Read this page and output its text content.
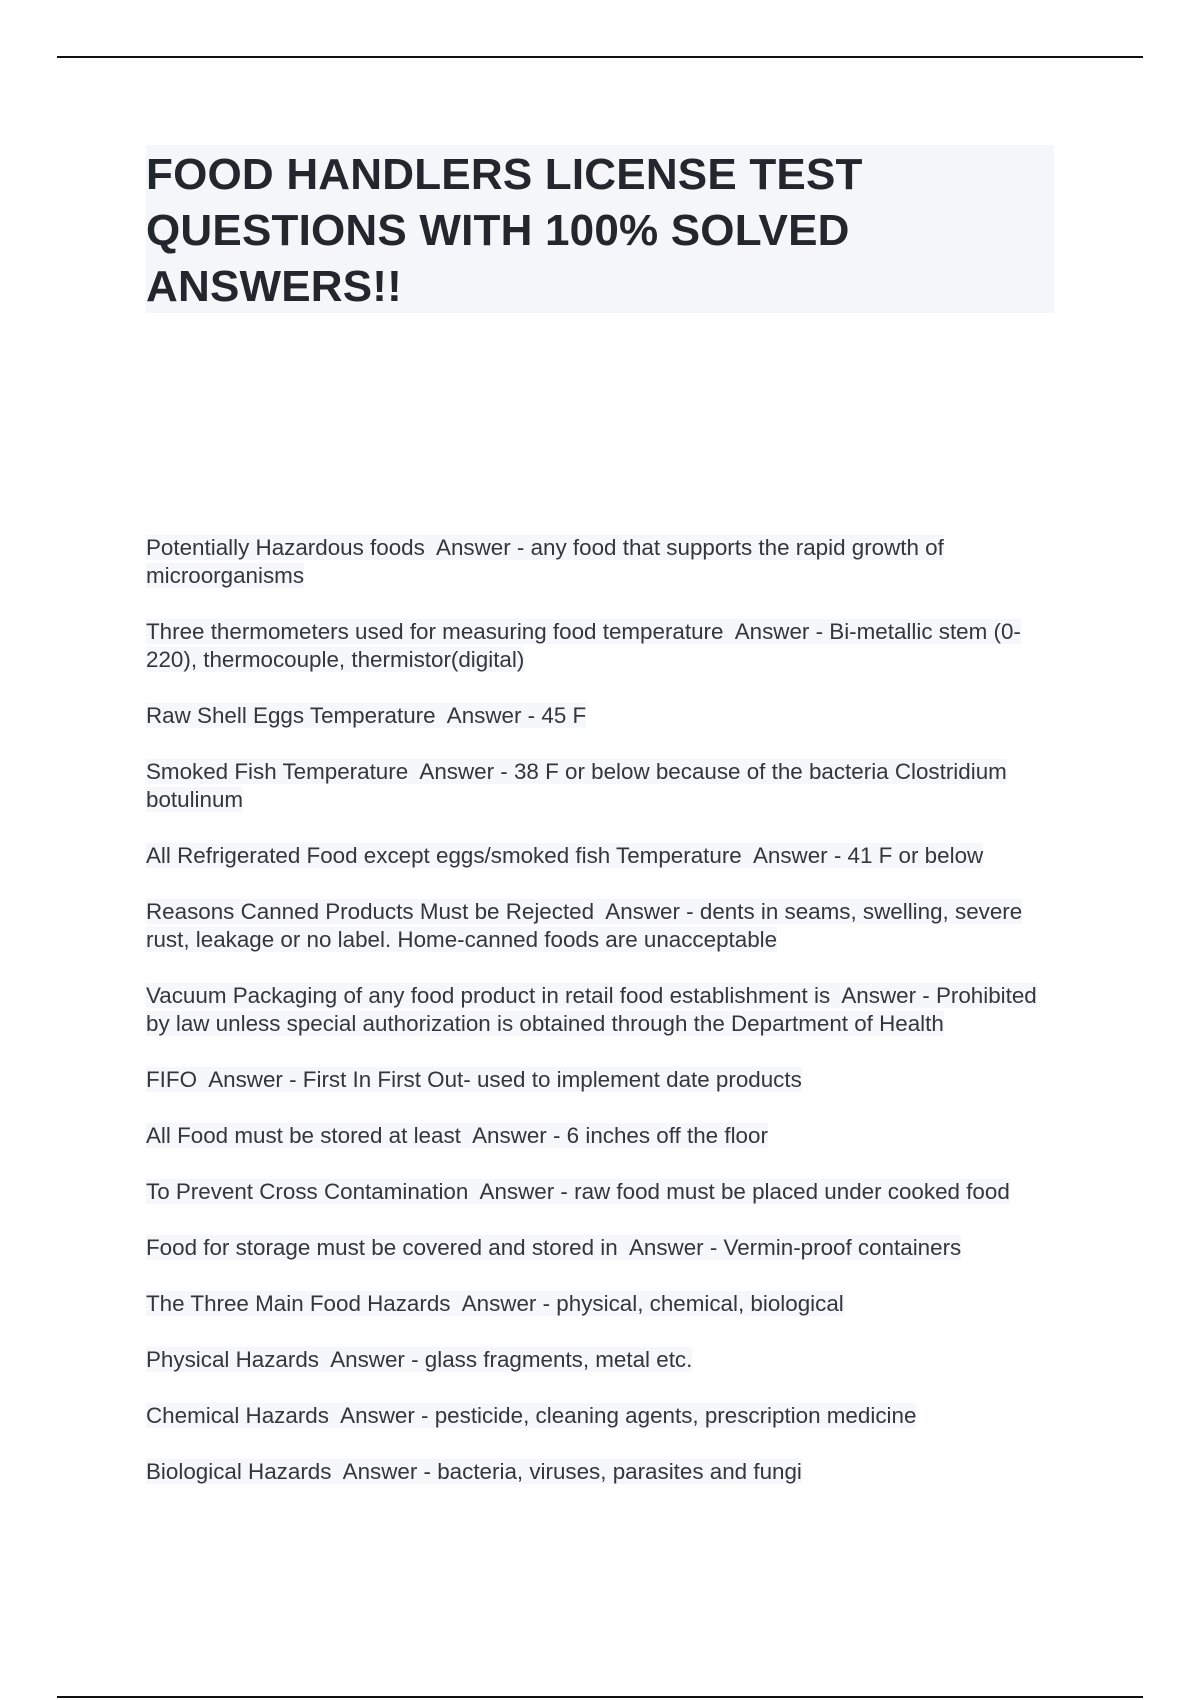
FOOD HANDLERS LICENSE TEST QUESTIONS WITH 100% SOLVED ANSWERS!!
Potentially Hazardous foods Answer - any food that supports the rapid growth of microorganisms
Three thermometers used for measuring food temperature Answer - Bi-metallic stem (0-220), thermocouple, thermistor(digital)
Raw Shell Eggs Temperature Answer - 45 F
Smoked Fish Temperature Answer - 38 F or below because of the bacteria Clostridium botulinum
All Refrigerated Food except eggs/smoked fish Temperature Answer - 41 F or below
Reasons Canned Products Must be Rejected Answer - dents in seams, swelling, severe rust, leakage or no label. Home-canned foods are unacceptable
Vacuum Packaging of any food product in retail food establishment is Answer - Prohibited by law unless special authorization is obtained through the Department of Health
FIFO Answer - First In First Out- used to implement date products
All Food must be stored at least Answer - 6 inches off the floor
To Prevent Cross Contamination Answer - raw food must be placed under cooked food
Food for storage must be covered and stored in Answer - Vermin-proof containers
The Three Main Food Hazards Answer - physical, chemical, biological
Physical Hazards Answer - glass fragments, metal etc.
Chemical Hazards Answer - pesticide, cleaning agents, prescription medicine
Biological Hazards Answer - bacteria, viruses, parasites and fungi
